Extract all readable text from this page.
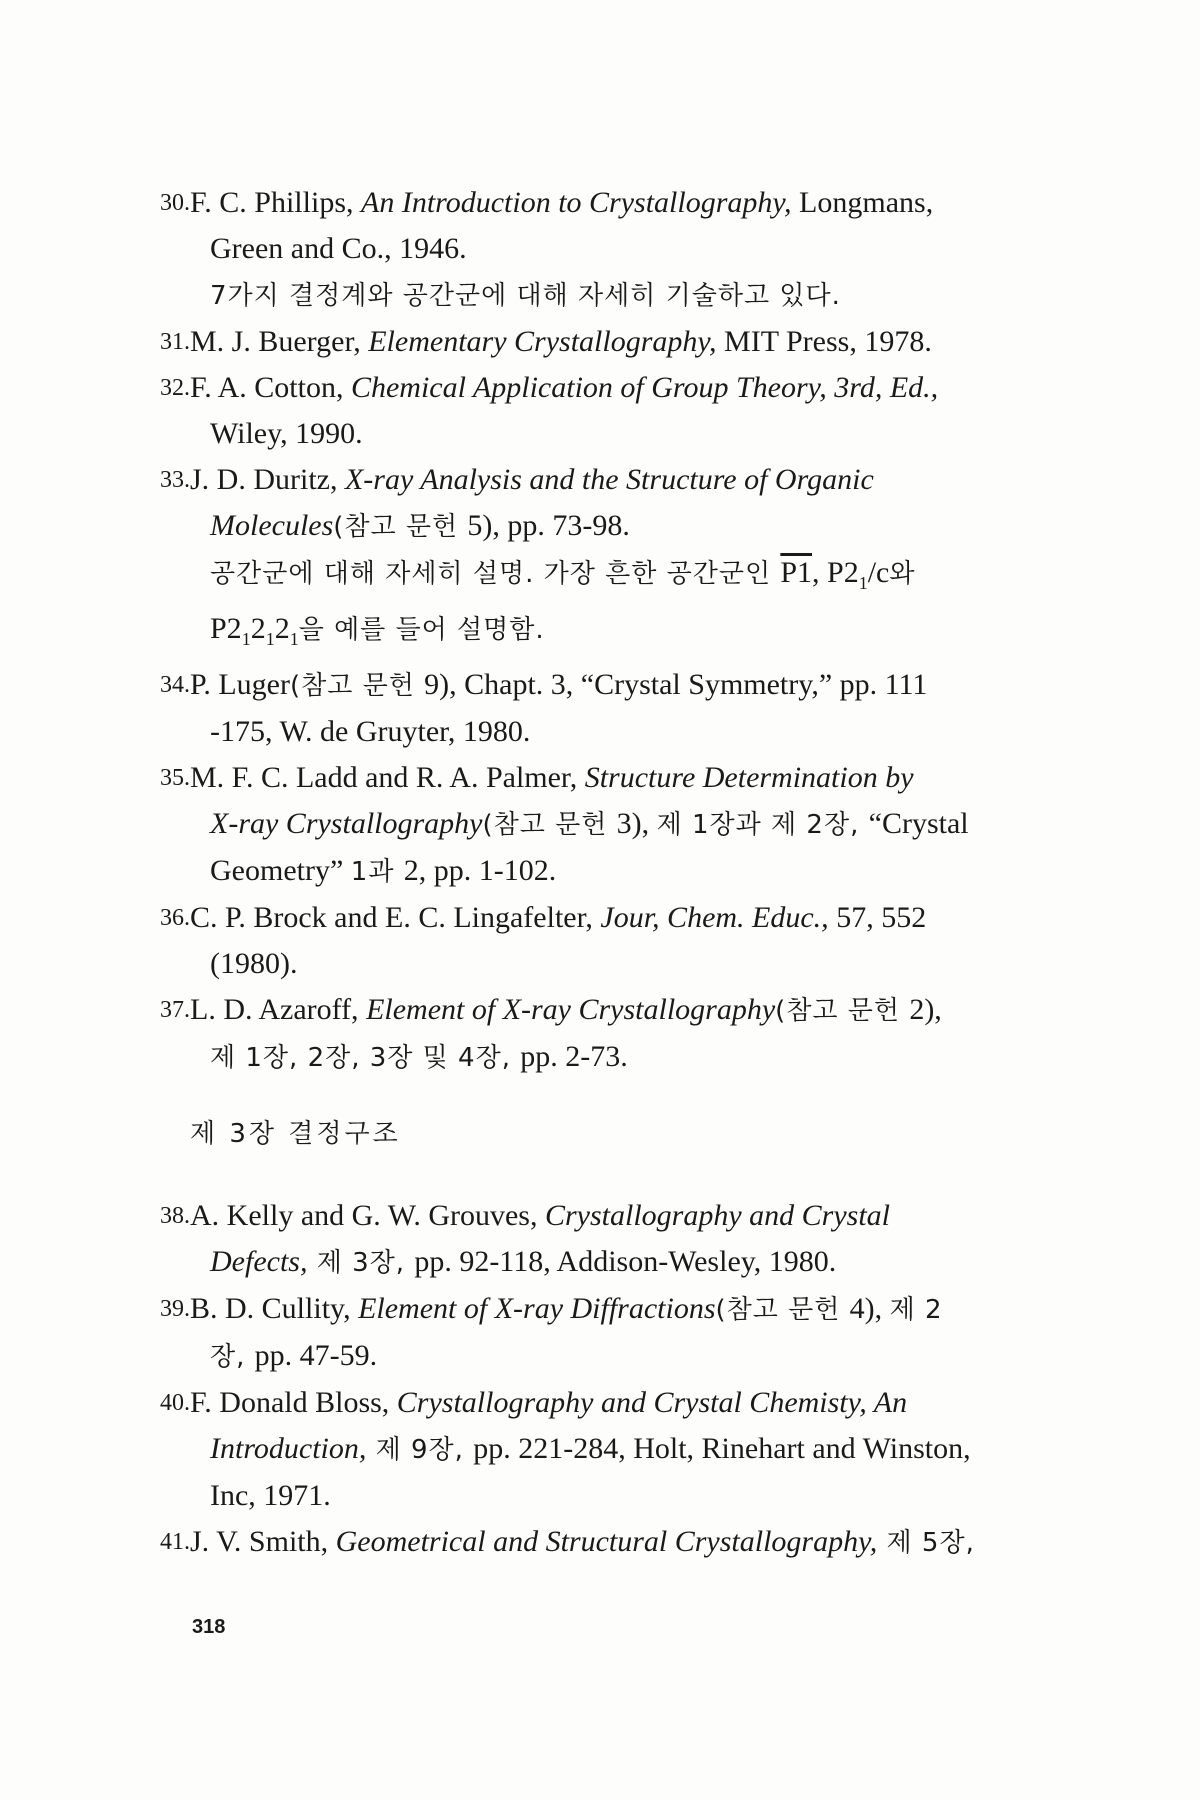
30. F. C. Phillips, An Introduction to Crystallography, Longmans,
Green and Co., 1946.
7가지 결정계와 공간군에 대해 자세히 기술하고 있다.
31. M. J. Buerger, Elementary Crystallography, MIT Press, 1978.
32. F. A. Cotton, Chemical Application of Group Theory, 3rd, Ed.,
Wiley, 1990.
33. J. D. Duritz, X-ray Analysis and the Structure of Organic
Molecules(참고 문헌 5), pp. 73-98.
공간군에 대해 자세히 설명. 가장 흔한 공간군인 P1, $P2_1/c$와
$P2_12_12_1$을 예를 들어 설명함.
34. P. Luger(참고 문헌 9), Chapt. 3, “Crystal Symmetry,” pp. 111
-175, W. de Gruyter, 1980.
35. M. F. C. Ladd and R. A. Palmer, Structure Determination by
X-ray Crystallography(참고 문헌 3), 제 1장과 제 2장, “Crystal
Geometry” 1과 2, pp. 1-102.
36. C. P. Brock and E. C. Lingafelter, Jour, Chem. Educ., 57, 552
(1980).
37. L. D. Azaroff, Element of X-ray Crystallography(참고 문헌 2),
제 1장, 2장, 3장 및 4장, pp. 2-73.
제 3장 결정구조
38. A. Kelly and G. W. Grouves, Crystallography and Crystal
Defects, 제 3장, pp. 92-118, Addison-Wesley, 1980.
39. B. D. Cullity, Element of X-ray Diffractions(참고 문헌 4), 제 2
장, pp. 47-59.
40. F. Donald Bloss, Crystallography and Crystal Chemisty, An
Introduction, 제 9장, pp. 221-284, Holt, Rinehart and Winston,
Inc, 1971.
41. J. V. Smith, Geometrical and Structural Crystallography, 제 5장,
318
